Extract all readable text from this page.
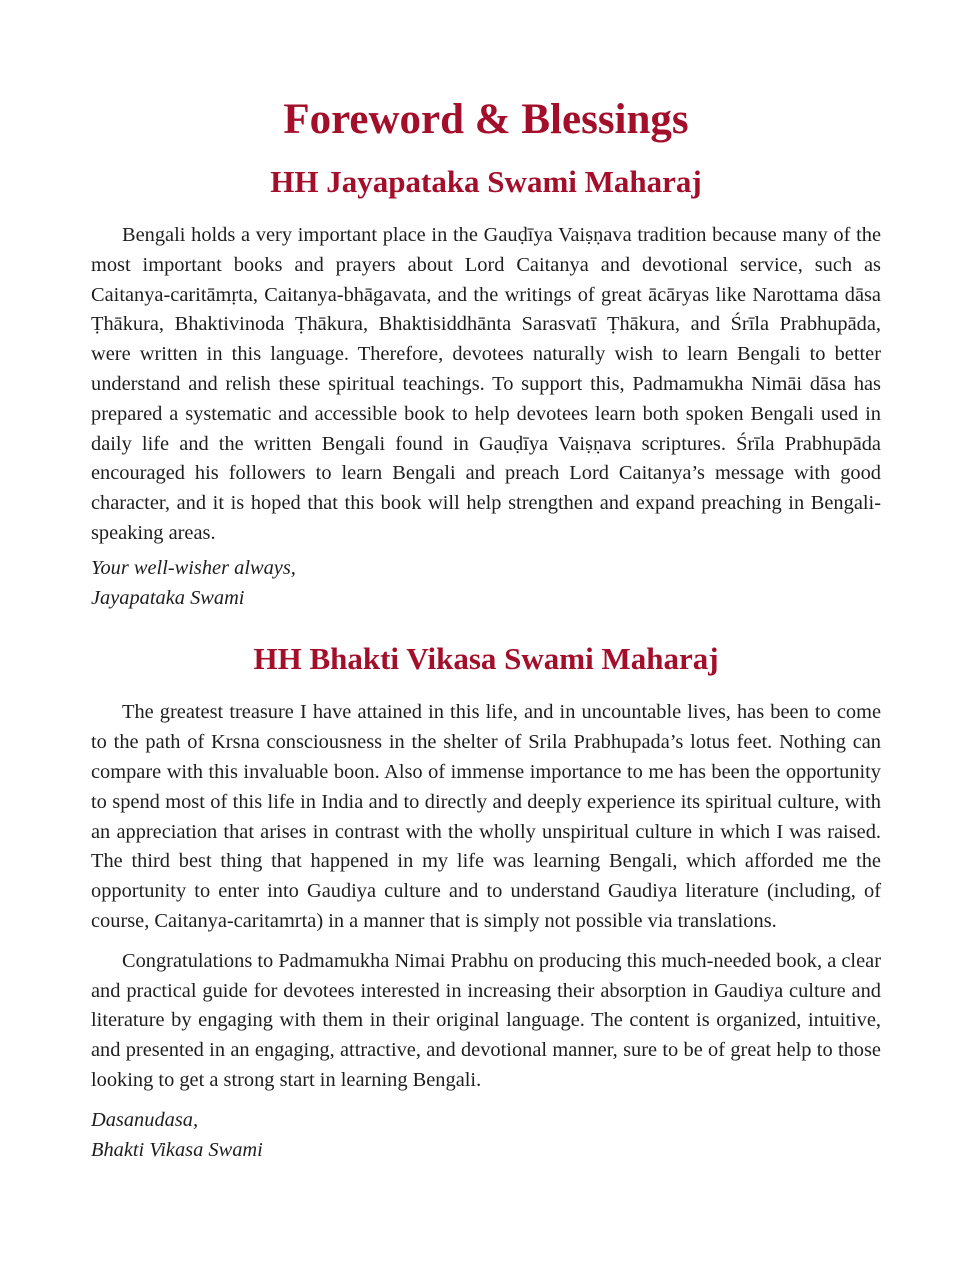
Foreword & Blessings
HH Jayapataka Swami Maharaj

Bengali holds a very important place in the Gauḍīya Vaiṣṇava tradition because many of the most important books and prayers about Lord Caitanya and devotional service, such as Caitanya-caritāmṛta, Caitanya-bhāgavata, and the writings of great ācāryas like Narottama dāsa Ṭhākura, Bhaktivinoda Ṭhākura, Bhaktisiddhānta Sarasvatī Ṭhākura, and Śrīla Prabhupāda, were written in this language. Therefore, devotees naturally wish to learn Bengali to better understand and relish these spiritual teachings. To support this, Padmamukha Nimāi dāsa has prepared a systematic and accessible book to help devotees learn both spoken Bengali used in daily life and the written Bengali found in Gauḍīya Vaiṣṇava scriptures. Śrīla Prabhupāda encouraged his followers to learn Bengali and preach Lord Caitanya’s message with good character, and it is hoped that this book will help strengthen and expand preaching in Bengali-speaking areas.

Your well-wisher always,
Jayapataka Swami
HH Bhakti Vikasa Swami Maharaj

The greatest treasure I have attained in this life, and in uncountable lives, has been to come to the path of Krsna consciousness in the shelter of Srila Prabhupada’s lotus feet. Nothing can compare with this invaluable boon. Also of immense importance to me has been the opportunity to spend most of this life in India and to directly and deeply experience its spiritual culture, with an appreciation that arises in contrast with the wholly unspiritual culture in which I was raised. The third best thing that happened in my life was learning Bengali, which afforded me the opportunity to enter into Gaudiya culture and to understand Gaudiya literature (including, of course, Caitanya-caritamrta) in a manner that is simply not possible via translations.

Congratulations to Padmamukha Nimai Prabhu on producing this much-needed book, a clear and practical guide for devotees interested in increasing their absorption in Gaudiya culture and literature by engaging with them in their original language. The content is organized, intuitive, and presented in an engaging, attractive, and devotional manner, sure to be of great help to those looking to get a strong start in learning Bengali.

Dasanudasa,
Bhakti Vikasa Swami
